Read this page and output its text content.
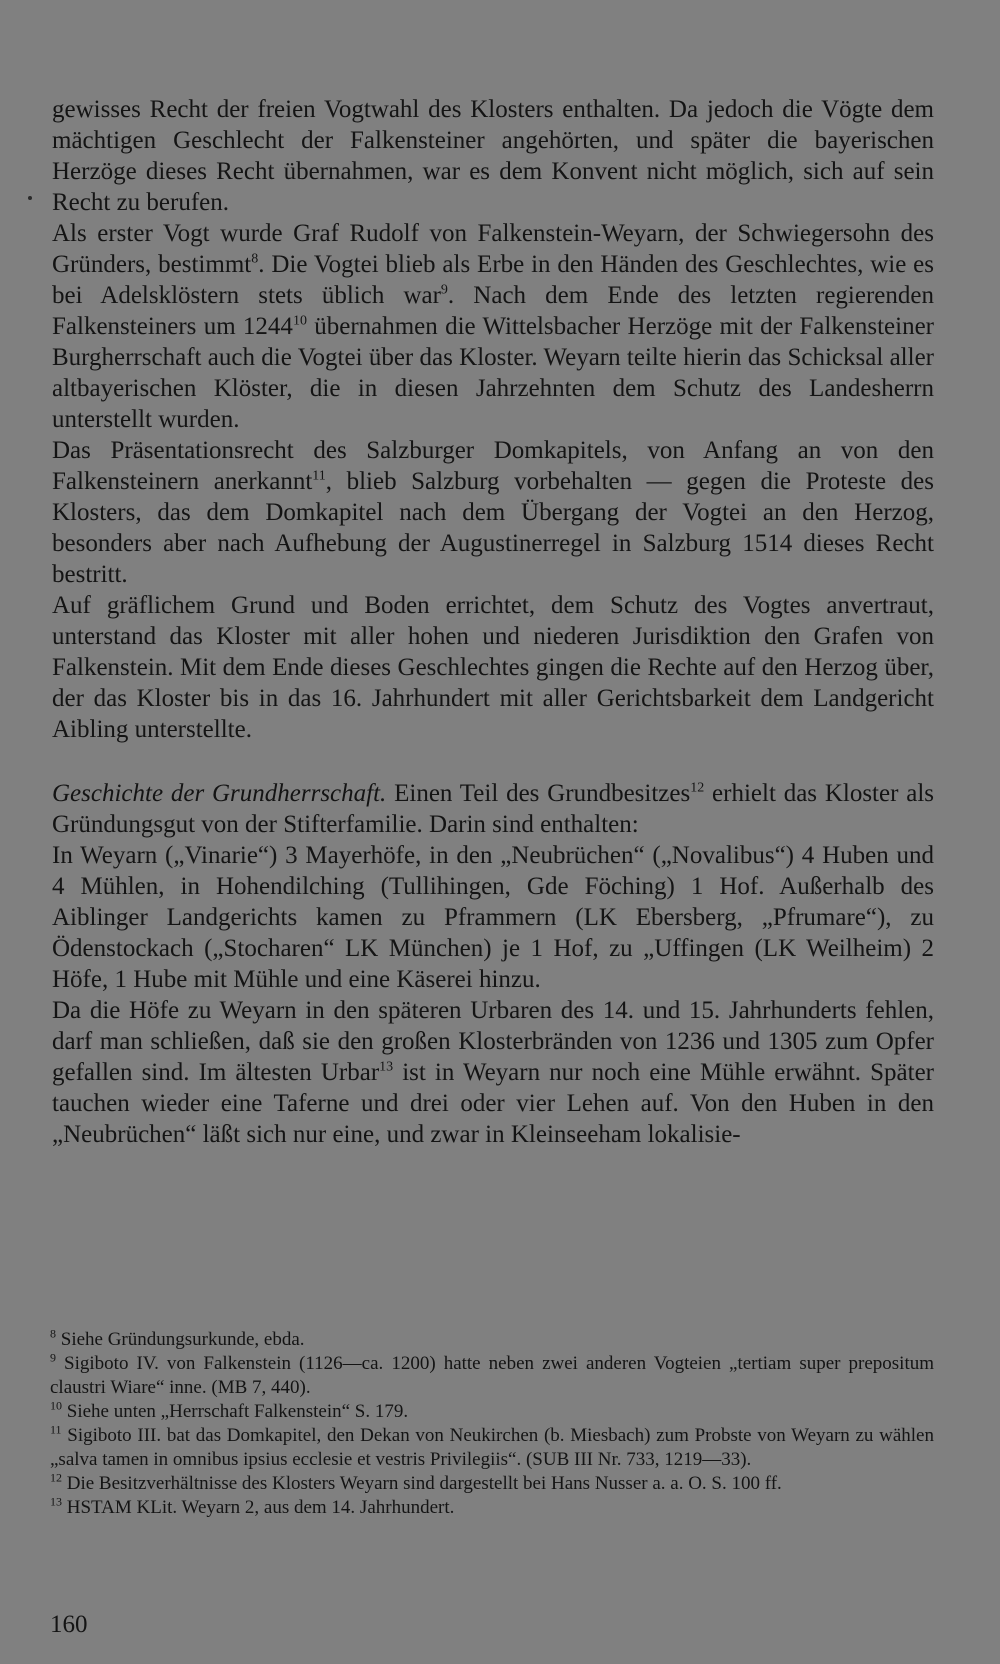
gewisses Recht der freien Vogtwahl des Klosters enthalten. Da jedoch die Vögte dem mächtigen Geschlecht der Falkensteiner angehörten, und später die bayerischen Herzöge dieses Recht übernahmen, war es dem Konvent nicht möglich, sich auf sein Recht zu berufen.

Als erster Vogt wurde Graf Rudolf von Falkenstein-Weyarn, der Schwiegersohn des Gründers, bestimmt$^8$. Die Vogtei blieb als Erbe in den Händen des Geschlechtes, wie es bei Adelsklöstern stets üblich war$^9$. Nach dem Ende des letzten regierenden Falkensteiners um 1244$^{10}$ übernahmen die Wittelsbacher Herzöge mit der Falkensteiner Burgherrschaft auch die Vogtei über das Kloster. Weyarn teilte hierin das Schicksal aller altbayerischen Klöster, die in diesen Jahrzehnten dem Schutz des Landesherrn unterstellt wurden.

Das Präsentationsrecht des Salzburger Domkapitels, von Anfang an von den Falkensteinern anerkannt$^{11}$, blieb Salzburg vorbehalten — gegen die Proteste des Klosters, das dem Domkapitel nach dem Übergang der Vogtei an den Herzog, besonders aber nach Aufhebung der Augustinerregel in Salzburg 1514 dieses Recht bestritt.

Auf gräflichem Grund und Boden errichtet, dem Schutz des Vogtes anvertraut, unterstand das Kloster mit aller hohen und niederen Jurisdiktion den Grafen von Falkenstein. Mit dem Ende dieses Geschlechtes gingen die Rechte auf den Herzog über, der das Kloster bis in das 16. Jahrhundert mit aller Gerichtsbarkeit dem Landgericht Aibling unterstellte.

Geschichte der Grundherrschaft. Einen Teil des Grundbesitzes$^{12}$ erhielt das Kloster als Gründungsgut von der Stifterfamilie. Darin sind enthalten:

In Weyarn („Vinarie“) 3 Mayerhöfe, in den „Neubrüchen“ („Novalibus“) 4 Huben und 4 Mühlen, in Hohendilching (Tullihingen, Gde Föching) 1 Hof. Außerhalb des Aiblinger Landgerichts kamen zu Pframmern (LK Ebersberg, „Pfrumare“), zu Ödenstockach („Stocharen“ LK München) je 1 Hof, zu „Uffingen (LK Weilheim) 2 Höfe, 1 Hube mit Mühle und eine Käserei hinzu.

Da die Höfe zu Weyarn in den späteren Urbaren des 14. und 15. Jahrhunderts fehlen, darf man schließen, daß sie den großen Klosterbränden von 1236 und 1305 zum Opfer gefallen sind. Im ältesten Urbar$^{13}$ ist in Weyarn nur noch eine Mühle erwähnt. Später tauchen wieder eine Taferne und drei oder vier Lehen auf. Von den Huben in den „Neubrüchen“ läßt sich nur eine, und zwar in Kleinseeham lokalisie-

$^8$ Siehe Gründungsurkunde, ebda.

$^9$ Sigiboto IV. von Falkenstein (1126—ca. 1200) hatte neben zwei anderen Vogteien „tertiam super prepositum claustri Wiare“ inne. (MB 7, 440).

$^{10}$ Siehe unten „Herrschaft Falkenstein“ S. 179.

$^{11}$ Sigiboto III. bat das Domkapitel, den Dekan von Neukirchen (b. Miesbach) zum Probste von Weyarn zu wählen „salva tamen in omnibus ipsius ecclesie et vestris Privilegiis“. (SUB III Nr. 733, 1219—33).

$^{12}$ Die Besitzverhältnisse des Klosters Weyarn sind dargestellt bei Hans Nusser a. a. O. S. 100 ff.

$^{13}$ HSTAM KLit. Weyarn 2, aus dem 14. Jahrhundert.

160
